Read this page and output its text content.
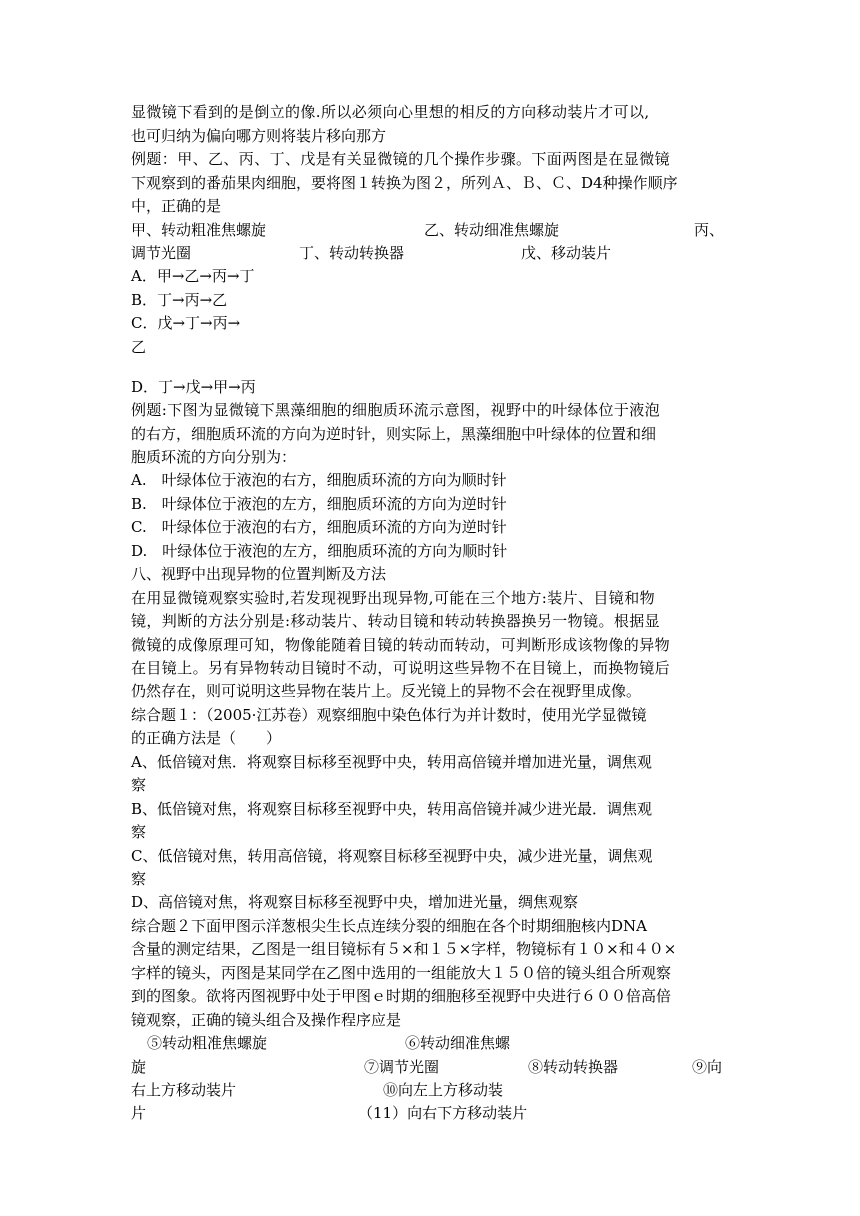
显微镜下看到的是倒立的像.所以必须向心里想的相反的方向移动装片才可以,
也可归纳为偏向哪方则将装片移向那方
例题：甲、乙、丙、丁、戊是有关显微镜的几个操作步骤。下面两图是在显微镜
下观察到的番茄果肉细胞，要将图１转换为图２，所列Ａ、Ｂ、Ｃ、D4种操作顺序
中，正确的是
甲、转动粗准焦螺旋	乙、转动细准焦螺旋	丙、
调节光圈	丁、转动转换器	戊、移动装片
A．甲→乙→丙→丁
B．丁→丙→乙
C．戊→丁→丙→
乙
D．丁→戊→甲→丙
例题:下图为显微镜下黑藻细胞的细胞质环流示意图，视野中的叶绿体位于液泡
的右方，细胞质环流的方向为逆时针，则实际上，黑藻细胞中叶绿体的位置和细
胞质环流的方向分别为：
A.　叶绿体位于液泡的右方，细胞质环流的方向为顺时针
B.　叶绿体位于液泡的左方，细胞质环流的方向为逆时针
C.　叶绿体位于液泡的右方，细胞质环流的方向为逆时针
D.　叶绿体位于液泡的左方，细胞质环流的方向为顺时针
八、视野中出现异物的位置判断及方法
在用显微镜观察实验时,若发现视野出现异物,可能在三个地方:装片、目镜和物
镜，判断的方法分别是:移动装片、转动目镜和转动转换器换另一物镜。根据显
微镜的成像原理可知，物像能随着目镜的转动而转动，可判断形成该物像的异物
在目镜上。另有异物转动目镜时不动，可说明这些异物不在目镜上，而换物镜后
仍然存在，则可说明这些异物在装片上。反光镜上的异物不会在视野里成像。
综合题１：（2005·江苏卷）观察细胞中染色体行为并计数时，使用光学显微镜
的正确方法是（　　）
A、低倍镜对焦．将观察目标移至视野中央，转用高倍镜并增加进光量，调焦观
察
B、低倍镜对焦，将观察目标移至视野中央，转用高倍镜并减少进光最．调焦观
察
C、低倍镜对焦，转用高倍镜，将观察目标移至视野中央，减少进光量，调焦观
察
D、高倍镜对焦，将观察目标移至视野中央，增加进光量，绸焦观察
综合题２下面甲图示洋葱根尖生长点连续分裂的细胞在各个时期细胞核内DNA
含量的测定结果，乙图是一组目镜标有５×和１５×字样，物镜标有１０×和４０×
字样的镜头，丙图是某同学在乙图中选用的一组能放大１５０倍的镜头组合所观察
到的图象。欲将丙图视野中处于甲图ｅ时期的细胞移至视野中央进行６００倍高倍
镜观察，正确的镜头组合及操作程序应是
⑤转动粗准焦螺旋	⑥转动细准焦螺
旋	⑦调节光圈	⑧转动转换器	⑨向
右上方移动装片	⑩向左上方移动装
片	（11）向右下方移动装片
